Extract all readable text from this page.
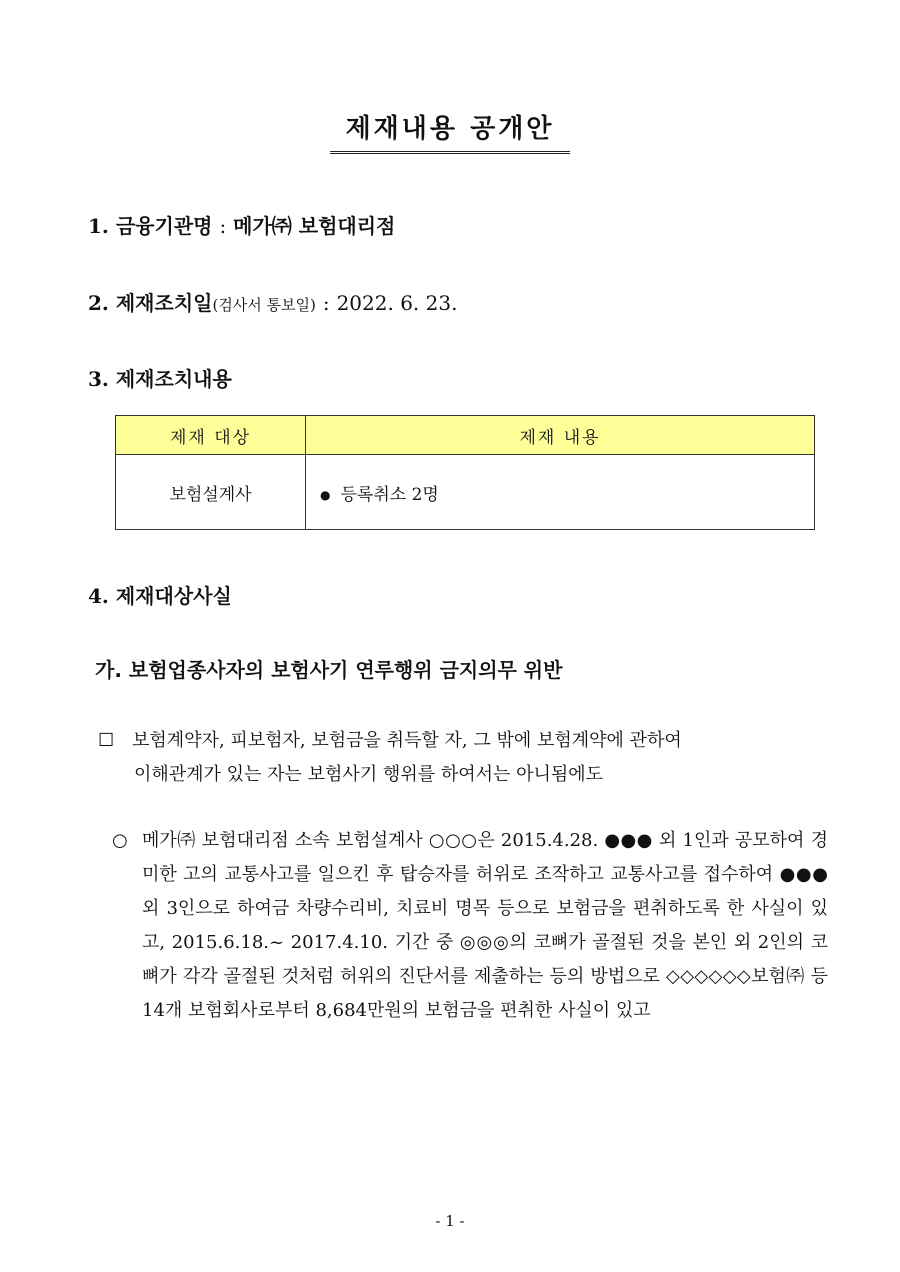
제재내용 공개안
1. 금융기관명 : 메가㈜ 보험대리점
2. 제재조치일(검사서 통보일) : 2022. 6. 23.
3. 제재조치내용
제재 대상	제재 내용
보험설계사	● 등록취소 2명
4. 제재대상사실
가. 보험업종사자의 보험사기 연루행위 금지의무 위반
☐ 보험계약자, 피보험자, 보험금을 취득할 자, 그 밖에 보험계약에 관하여
이해관계가 있는 자는 보험사기 행위를 하여서는 아니됨에도
○ 메가㈜ 보험대리점 소속 보험설계사 ○○○은 2015.4.28. ●●● 외 1인과 공모하여 경미한 고의 교통사고를 일으킨 후 탑승자를 허위로 조작하고 교통사고를 접수하여 ●●● 외 3인으로 하여금 차량수리비, 치료비 명목 등으로 보험금을 편취하도록 한 사실이 있고, 2015.6.18.~ 2017.4.10. 기간 중 ◎◎◎의 코뼈가 골절된 것을 본인 외 2인의 코뼈가 각각 골절된 것처럼 허위의 진단서를 제출하는 등의 방법으로 ◇◇◇◇◇◇보험㈜ 등 14개 보험회사로부터 8,684만원의 보험금을 편취한 사실이 있고
- 1 -
